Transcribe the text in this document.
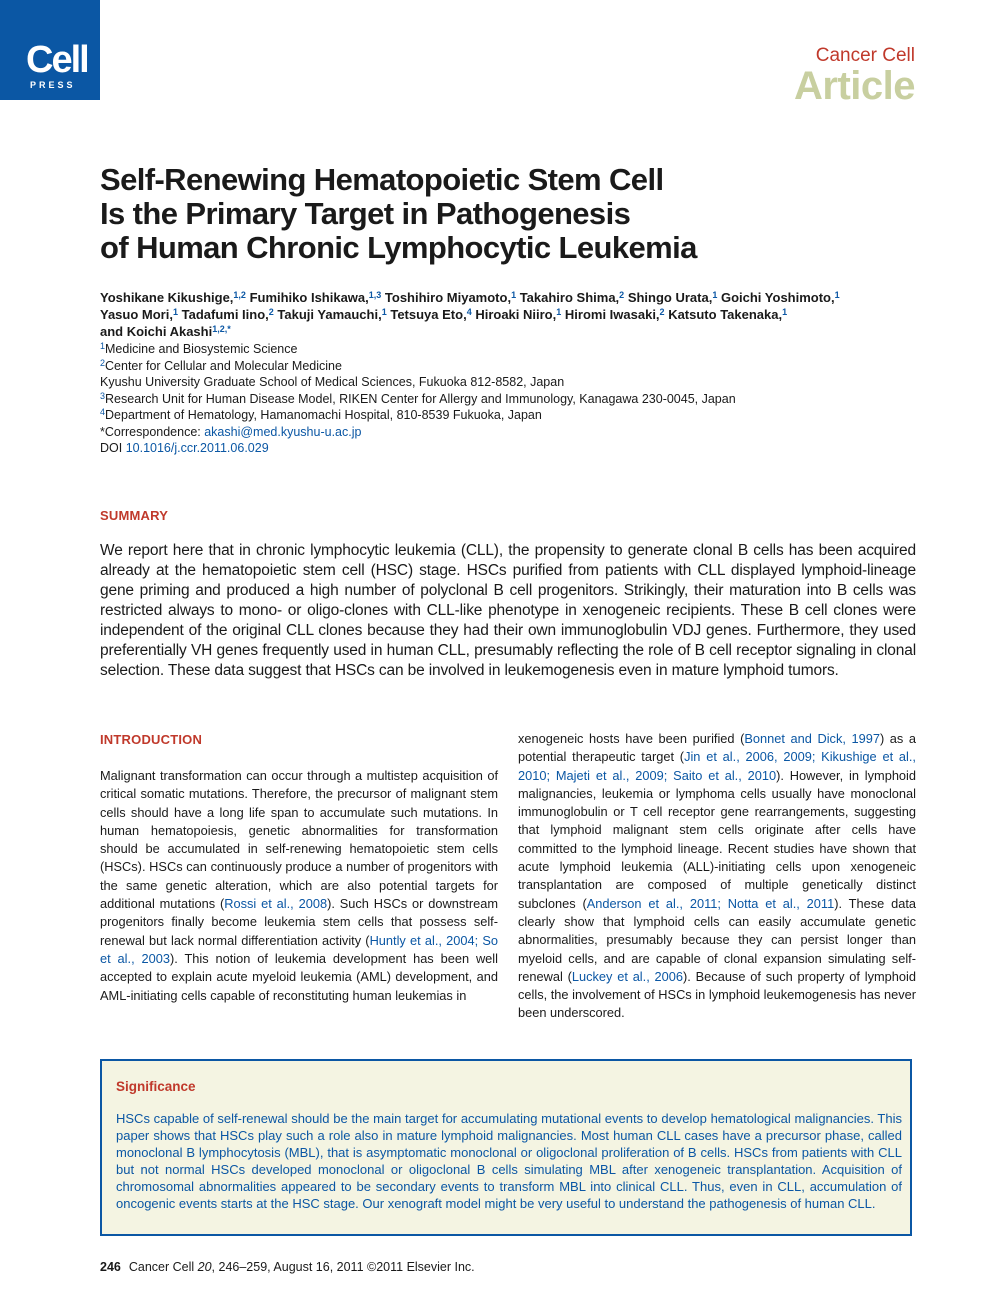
Cell
PRESS
Cancer Cell
Article
Self-Renewing Hematopoietic Stem Cell
Is the Primary Target in Pathogenesis
of Human Chronic Lymphocytic Leukemia
Yoshikane Kikushige,$^{1,2}$ Fumihiko Ishikawa,$^{1,3}$ Toshihiro Miyamoto,$^1$ Takahiro Shima,$^2$ Shingo Urata,$^1$ Goichi Yoshimoto,$^1$
Yasuo Mori,$^1$ Tadafumi Iino,$^2$ Takuji Yamauchi,$^1$ Tetsuya Eto,$^4$ Hiroaki Niiro,$^1$ Hiromi Iwasaki,$^2$ Katsuto Takenaka,$^1$
and Koichi Akashi$^{1,2,*}$
$^1$Medicine and Biosystemic Science
$^2$Center for Cellular and Molecular Medicine
Kyushu University Graduate School of Medical Sciences, Fukuoka 812-8582, Japan
$^3$Research Unit for Human Disease Model, RIKEN Center for Allergy and Immunology, Kanagawa 230-0045, Japan
$^4$Department of Hematology, Hamanomachi Hospital, 810-8539 Fukuoka, Japan
*Correspondence: akashi@med.kyushu-u.ac.jp
DOI 10.1016/j.ccr.2011.06.029
SUMMARY
We report here that in chronic lymphocytic leukemia (CLL), the propensity to generate clonal B cells has been acquired already at the hematopoietic stem cell (HSC) stage. HSCs purified from patients with CLL displayed lymphoid-lineage gene priming and produced a high number of polyclonal B cell progenitors. Strikingly, their maturation into B cells was restricted always to mono- or oligo-clones with CLL-like phenotype in xenogeneic recipients. These B cell clones were independent of the original CLL clones because they had their own immunoglobulin VDJ genes. Furthermore, they used preferentially VH genes frequently used in human CLL, presumably reflecting the role of B cell receptor signaling in clonal selection. These data suggest that HSCs can be involved in leukemogenesis even in mature lymphoid tumors.
INTRODUCTION
Malignant transformation can occur through a multistep acquisition of critical somatic mutations. Therefore, the precursor of malignant stem cells should have a long life span to accumulate such mutations. In human hematopoiesis, genetic abnormalities for transformation should be accumulated in self-renewing hematopoietic stem cells (HSCs). HSCs can continuously produce a number of progenitors with the same genetic alteration, which are also potential targets for additional mutations (Rossi et al., 2008). Such HSCs or downstream progenitors finally become leukemia stem cells that possess self-renewal but lack normal differentiation activity (Huntly et al., 2004; So et al., 2003). This notion of leukemia development has been well accepted to explain acute myeloid leukemia (AML) development, and AML-initiating cells capable of reconstituting human leukemias in
xenogeneic hosts have been purified (Bonnet and Dick, 1997) as a potential therapeutic target (Jin et al., 2006, 2009; Kikushige et al., 2010; Majeti et al., 2009; Saito et al., 2010). However, in lymphoid malignancies, leukemia or lymphoma cells usually have monoclonal immunoglobulin or T cell receptor gene rearrangements, suggesting that lymphoid malignant stem cells originate after cells have committed to the lymphoid lineage. Recent studies have shown that acute lymphoid leukemia (ALL)-initiating cells upon xenogeneic transplantation are composed of multiple genetically distinct subclones (Anderson et al., 2011; Notta et al., 2011). These data clearly show that lymphoid cells can easily accumulate genetic abnormalities, presumably because they can persist longer than myeloid cells, and are capable of clonal expansion simulating self-renewal (Luckey et al., 2006). Because of such property of lymphoid cells, the involvement of HSCs in lymphoid leukemogenesis has never been underscored.
Significance
HSCs capable of self-renewal should be the main target for accumulating mutational events to develop hematological malignancies. This paper shows that HSCs play such a role also in mature lymphoid malignancies. Most human CLL cases have a precursor phase, called monoclonal B lymphocytosis (MBL), that is asymptomatic monoclonal or oligoclonal proliferation of B cells. HSCs from patients with CLL but not normal HSCs developed monoclonal or oligoclonal B cells simulating MBL after xenogeneic transplantation. Acquisition of chromosomal abnormalities appeared to be secondary events to transform MBL into clinical CLL. Thus, even in CLL, accumulation of oncogenic events starts at the HSC stage. Our xenograft model might be very useful to understand the pathogenesis of human CLL.
246 Cancer Cell 20, 246–259, August 16, 2011 ©2011 Elsevier Inc.
